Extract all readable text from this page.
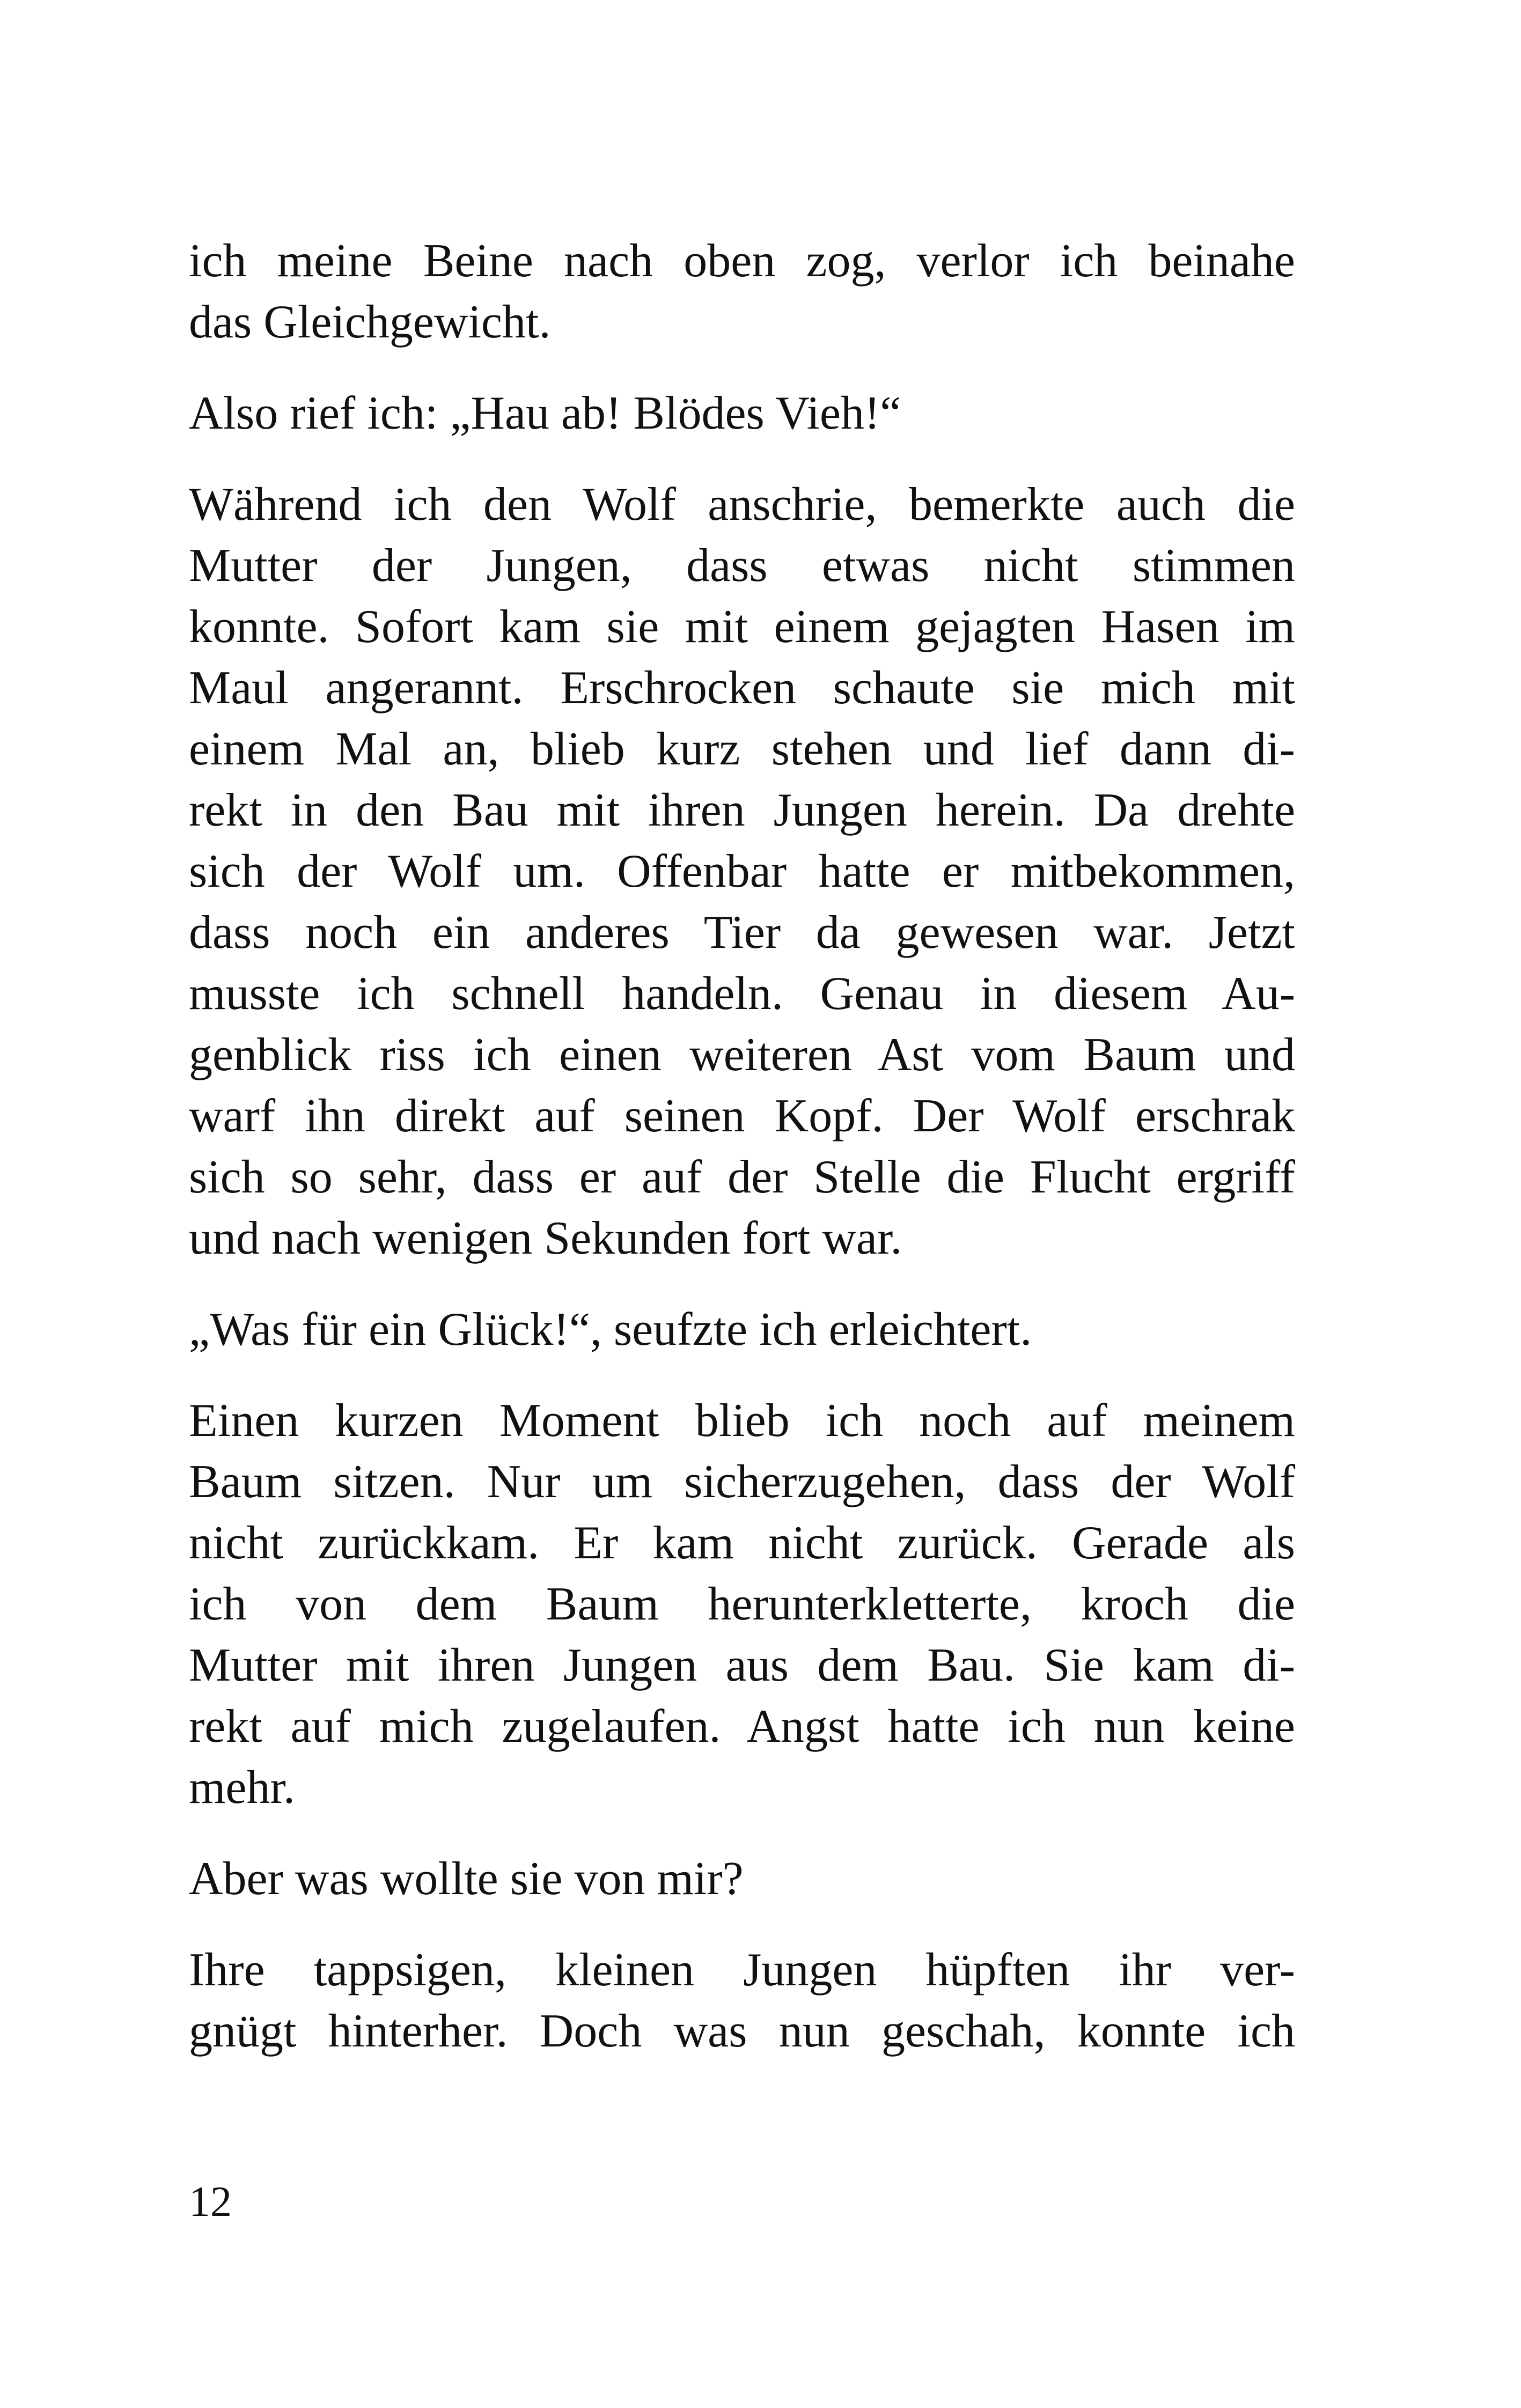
ich meine Beine nach oben zog, verlor ich beinahe
das Gleichgewicht.
Also rief ich: „Hau ab! Blödes Vieh!“
Während ich den Wolf anschrie, bemerkte auch die
Mutter der Jungen, dass etwas nicht stimmen
konnte. Sofort kam sie mit einem gejagten Hasen im
Maul angerannt. Erschrocken schaute sie mich mit
einem Mal an, blieb kurz stehen und lief dann di-
rekt in den Bau mit ihren Jungen herein. Da drehte
sich der Wolf um. Offenbar hatte er mitbekommen,
dass noch ein anderes Tier da gewesen war. Jetzt
musste ich schnell handeln. Genau in diesem Au-
genblick riss ich einen weiteren Ast vom Baum und
warf ihn direkt auf seinen Kopf. Der Wolf erschrak
sich so sehr, dass er auf der Stelle die Flucht ergriff
und nach wenigen Sekunden fort war.
„Was für ein Glück!“, seufzte ich erleichtert.
Einen kurzen Moment blieb ich noch auf meinem
Baum sitzen. Nur um sicherzugehen, dass der Wolf
nicht zurückkam. Er kam nicht zurück. Gerade als
ich von dem Baum herunterkletterte, kroch die
Mutter mit ihren Jungen aus dem Bau. Sie kam di-
rekt auf mich zugelaufen. Angst hatte ich nun keine
mehr.
Aber was wollte sie von mir?
Ihre tappsigen, kleinen Jungen hüpften ihr ver-
gnügt hinterher. Doch was nun geschah, konnte ich
12
